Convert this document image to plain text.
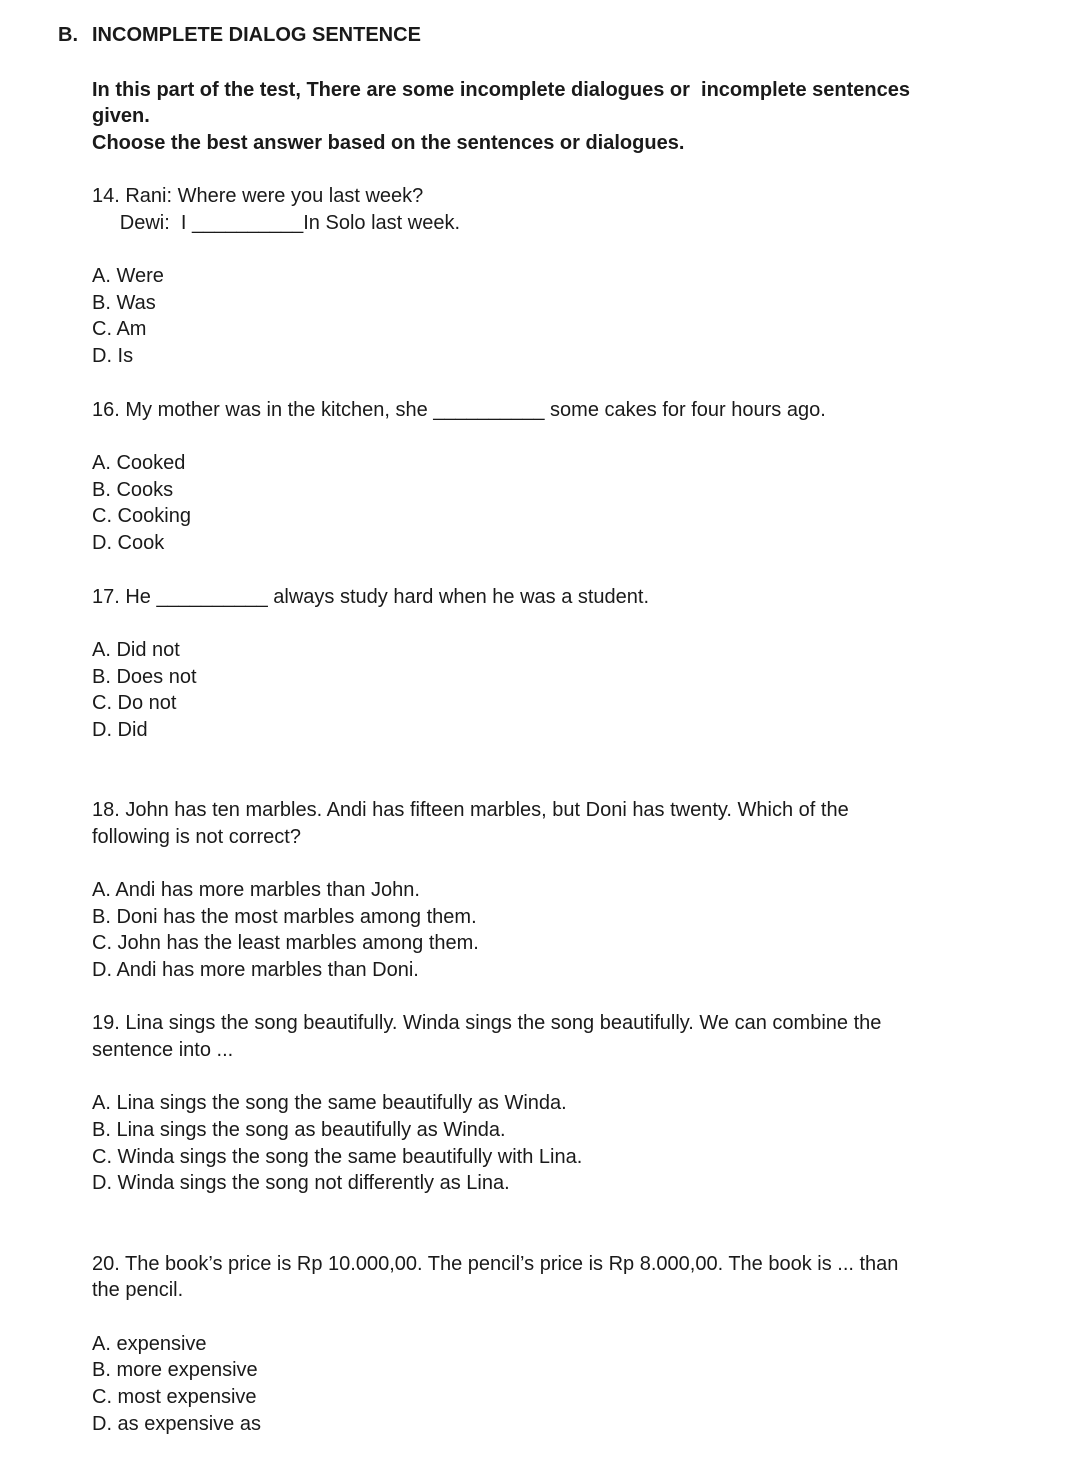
B. INCOMPLETE DIALOG SENTENCE
In this part of the test, There are some incomplete dialogues or  incomplete sentences
given.
Choose the best answer based on the sentences or dialogues.
14. Rani: Where were you last week?
Dewi:  I __________In Solo last week.
A. Were
B. Was
C. Am
D. Is
16. My mother was in the kitchen, she __________ some cakes for four hours ago.
A. Cooked
B. Cooks
C. Cooking
D. Cook
17. He __________ always study hard when he was a student.
A. Did not
B. Does not
C. Do not
D. Did
18. John has ten marbles. Andi has fifteen marbles, but Doni has twenty. Which of the
following is not correct?
A. Andi has more marbles than John.
B. Doni has the most marbles among them.
C. John has the least marbles among them.
D. Andi has more marbles than Doni.
19. Lina sings the song beautifully. Winda sings the song beautifully. We can combine the
sentence into ...
A. Lina sings the song the same beautifully as Winda.
B. Lina sings the song as beautifully as Winda.
C. Winda sings the song the same beautifully with Lina.
D. Winda sings the song not differently as Lina.
20. The book’s price is Rp 10.000,00. The pencil’s price is Rp 8.000,00. The book is ... than
the pencil.
A. expensive
B. more expensive
C. most expensive
D. as expensive as
